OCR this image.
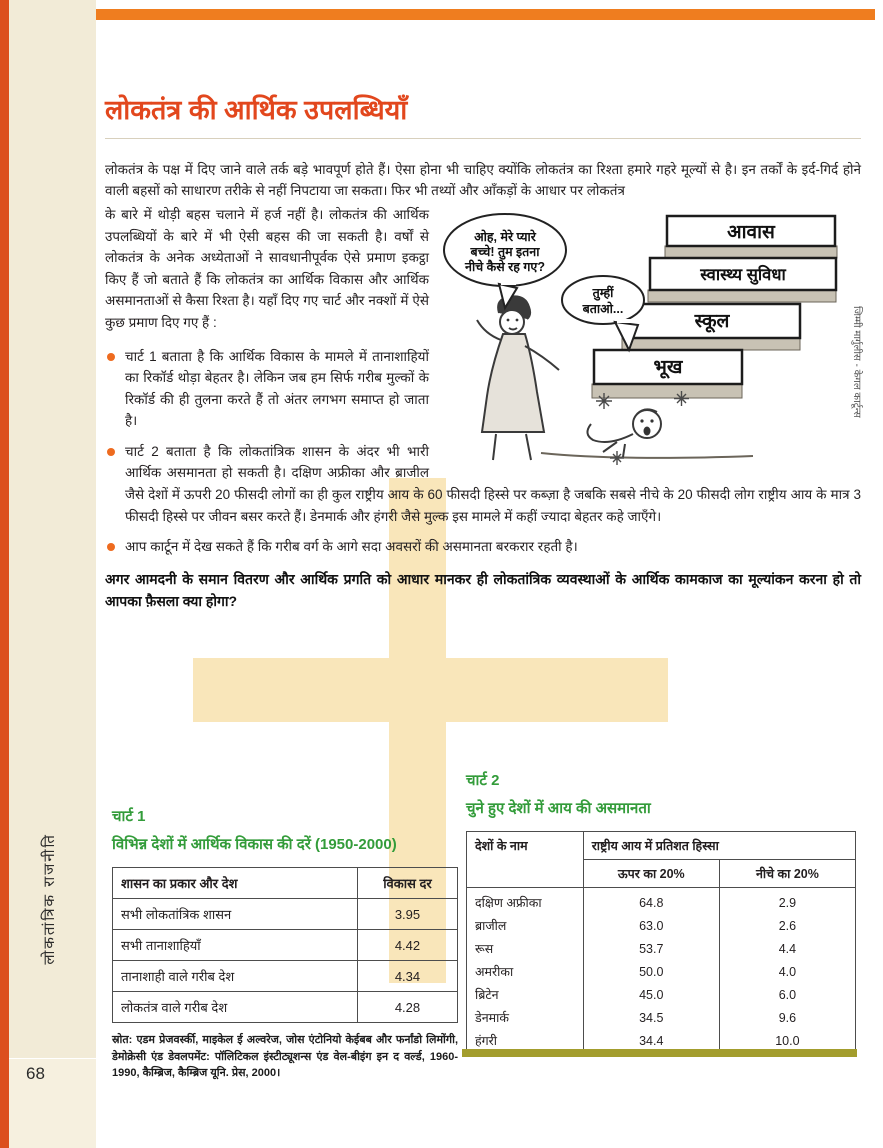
लोकतांत्रिक राजनीति
68
लोकतंत्र की आर्थिक उपलब्धियाँ

लोकतंत्र के पक्ष में दिए जाने वाले तर्क बड़े भावपूर्ण होते हैं। ऐसा होना भी चाहिए क्योंकि लोकतंत्र का रिश्ता हमारे गहरे मूल्यों से है। इन तर्कों के इर्द-गिर्द होने वाली बहसों को साधारण तरीके से नहीं निपटाया जा सकता। फिर भी तथ्यों और आँकड़ों के आधार पर लोकतंत्र

आवास
स्वास्थ्य सुविधा
स्कूल
भूख
ओह, मेरे प्यारे
बच्चे! तुम इतना
नीचे कैसे रह गए?
तुम्हीं
बताओ...	जिम्मी मार्गुलीस - केगल कार्टून्स

के बारे में थोड़ी बहस चलाने में हर्ज नहीं है। लोकतंत्र की आर्थिक उपलब्धियों के बारे में भी ऐसी बहस की जा सकती है। वर्षों से लोकतंत्र के अनेक अध्येताओं ने सावधानीपूर्वक ऐसे प्रमाण इकट्ठा किए हैं जो बताते हैं कि लोकतंत्र का आर्थिक विकास और आर्थिक असमानताओं से कैसा रिश्ता है। यहाँ दिए गए चार्ट और नक्शों में ऐसे कुछ प्रमाण दिए गए हैं :

चार्ट 1 बताता है कि आर्थिक विकास के मामले में तानाशाहियों का रिकॉर्ड थोड़ा बेहतर है। लेकिन जब हम सिर्फ गरीब मुल्कों के रिकॉर्ड की ही तुलना करते हैं तो अंतर लगभग समाप्त हो जाता है।
चार्ट 2 बताता है कि लोकतांत्रिक शासन के अंदर भी भारी आर्थिक असमानता हो सकती है। दक्षिण अफ्रीका और ब्राजील जैसे देशों में ऊपरी 20 फीसदी लोगों का ही कुल राष्ट्रीय आय के 60 फीसदी हिस्से पर कब्ज़ा है जबकि सबसे नीचे के 20 फीसदी लोग राष्ट्रीय आय के मात्र 3 फीसदी हिस्से पर जीवन बसर करते हैं। डेनमार्क और हंगरी जैसे मुल्क इस मामले में कहीं ज्यादा बेहतर कहे जाएँगे।
आप कार्टून में देख सकते हैं कि गरीब वर्ग के आगे सदा अवसरों की असमानता बरकरार रहती है।

अगर आमदनी के समान वितरण और आर्थिक प्रगति को आधार मानकर ही लोकतांत्रिक व्यवस्थाओं के आर्थिक कामकाज का मूल्यांकन करना हो तो आपका फ़ैसला क्या होगा?

चार्ट 1
विभिन्न देशों में आर्थिक विकास की दरें (1950-2000)
शासन का प्रकार और देश	विकास दर
सभी लोकतांत्रिक शासन	3.95
सभी तानाशाहियाँ	4.42
तानाशाही वाले गरीब देश	4.34
लोकतंत्र वाले गरीब देश	4.28

स्रोत: एडम प्रेजवर्स्की, माइकेल ई अल्वरेज, जोस एंटोनियो केईबब और फर्नांडो लिमोंगी, डेमोक्रेसी एंड डेवलपमेंट: पॉलिटिकल इंस्टीट्यूशन्स एंड वेल-बीइंग इन द वर्ल्ड, 1960-1990, कैम्ब्रिज, कैम्ब्रिज यूनि. प्रेस, 2000।

चार्ट 2
चुने हुए देशों में आय की असमानता
देशों के नाम	राष्ट्रीय आय में प्रतिशत हिस्सा	
	ऊपर का 20%	नीचे का 20%
दक्षिण अफ्रीका	64.8	2.9
ब्राजील	63.0	2.6
रूस	53.7	4.4
अमरीका	50.0	4.0
ब्रिटेन	45.0	6.0
डेनमार्क	34.5	9.6
हंगरी	34.4	10.0
